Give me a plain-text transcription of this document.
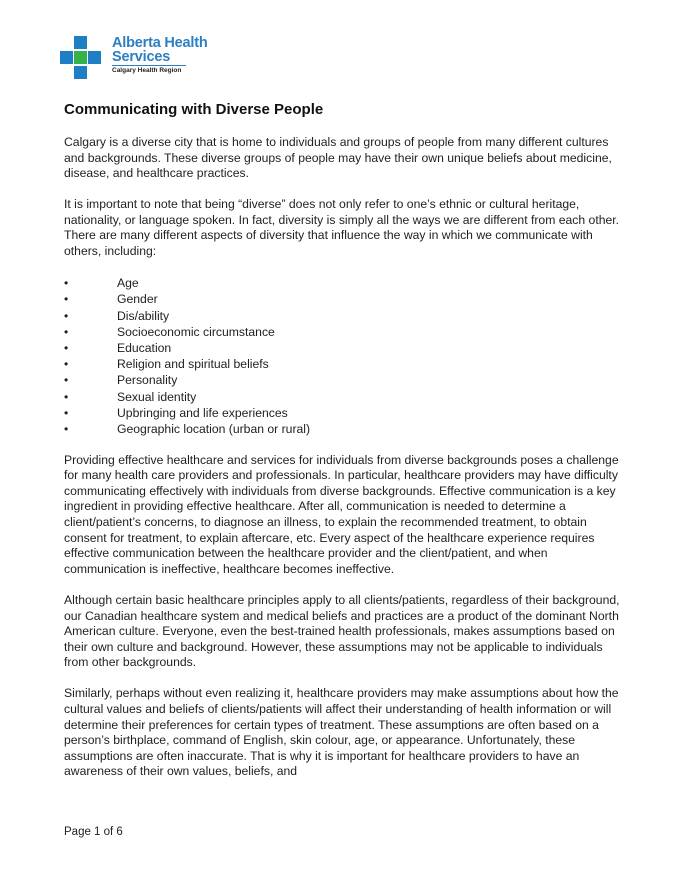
Alberta Health
Services
Calgary Health Region
Communicating with Diverse People

Calgary is a diverse city that is home to individuals and groups of people from many different cultures and backgrounds. These diverse groups of people may have their own unique beliefs about medicine, disease, and healthcare practices.

It is important to note that being “diverse” does not only refer to one’s ethnic or cultural heritage, nationality, or language spoken. In fact, diversity is simply all the ways we are different from each other. There are many different aspects of diversity that influence the way in which we communicate with others, including:

•	Age
•	Gender
•	Dis/ability
•	Socioeconomic circumstance
•	Education
•	Religion and spiritual beliefs
•	Personality
•	Sexual identity
•	Upbringing and life experiences
•	Geographic location (urban or rural)

Providing effective healthcare and services for individuals from diverse backgrounds poses a challenge for many health care providers and professionals. In particular, healthcare providers may have difficulty communicating effectively with individuals from diverse backgrounds. Effective communication is a key ingredient in providing effective healthcare. After all, communication is needed to determine a client/patient’s concerns, to diagnose an illness, to explain the recommended treatment, to obtain consent for treatment, to explain aftercare, etc. Every aspect of the healthcare experience requires effective communication between the healthcare provider and the client/patient, and when communication is ineffective, healthcare becomes ineffective.

Although certain basic healthcare principles apply to all clients/patients, regardless of their background, our Canadian healthcare system and medical beliefs and practices are a product of the dominant North American culture. Everyone, even the best-trained health professionals, makes assumptions based on their own culture and background. However, these assumptions may not be applicable to individuals from other backgrounds.

Similarly, perhaps without even realizing it, healthcare providers may make assumptions about how the cultural values and beliefs of clients/patients will affect their understanding of health information or will determine their preferences for certain types of treatment. These assumptions are often based on a person’s birthplace, command of English, skin colour, age, or appearance. Unfortunately, these assumptions are often inaccurate. That is why it is important for healthcare providers to have an awareness of their own values, beliefs, and

Page 1 of 6
